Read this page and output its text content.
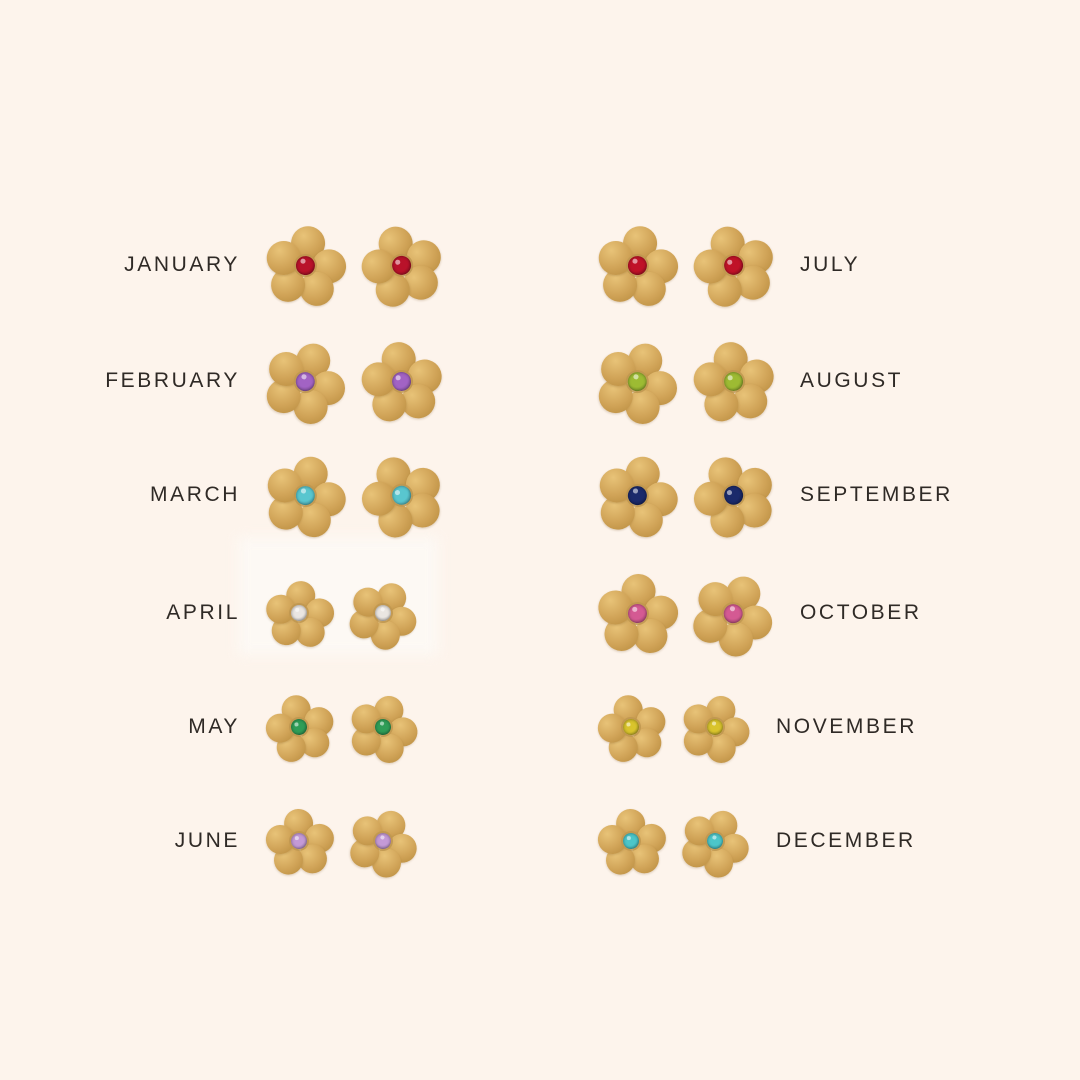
JANUARY
FEBRUARY
MARCH
APRIL
MAY
JUNE
JULY
AUGUST
SEPTEMBER
OCTOBER
NOVEMBER
DECEMBER
